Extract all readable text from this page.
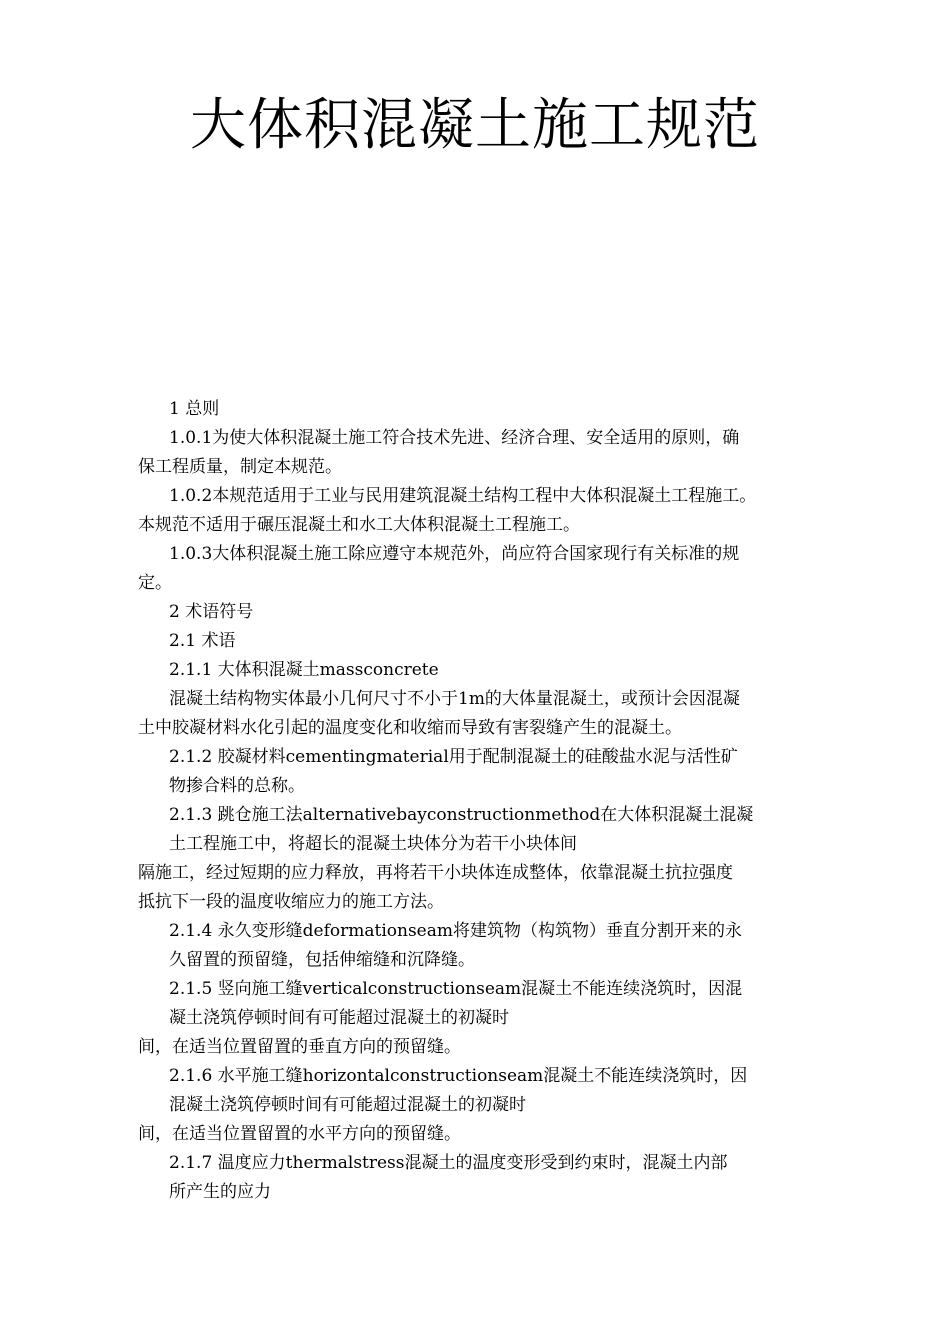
大体积混凝土施工规范
1 总则
1.0.1为使大体积混凝土施工符合技术先进、经济合理、安全适用的原则，确
保工程质量，制定本规范。
1.0.2本规范适用于工业与民用建筑混凝土结构工程中大体积混凝土工程施工。
本规范不适用于碾压混凝土和水工大体积混凝土工程施工。
1.0.3大体积混凝土施工除应遵守本规范外，尚应符合国家现行有关标准的规
定。
2 术语符号
2.1 术语
2.1.1 大体积混凝土massconcrete
混凝土结构物实体最小几何尺寸不小于1m的大体量混凝土，或预计会因混凝
土中胶凝材料水化引起的温度变化和收缩而导致有害裂缝产生的混凝土。
2.1.2 胶凝材料cementingmaterial用于配制混凝土的硅酸盐水泥与活性矿
物掺合料的总称。
2.1.3 跳仓施工法alternativebayconstructionmethod在大体积混凝土混凝
土工程施工中，将超长的混凝土块体分为若干小块体间
隔施工，经过短期的应力释放，再将若干小块体连成整体，依靠混凝土抗拉强度
抵抗下一段的温度收缩应力的施工方法。
2.1.4 永久变形缝deformationseam将建筑物（构筑物）垂直分割开来的永
久留置的预留缝，包括伸缩缝和沉降缝。
2.1.5 竖向施工缝verticalconstructionseam混凝土不能连续浇筑时，因混
凝土浇筑停顿时间有可能超过混凝土的初凝时
间，在适当位置留置的垂直方向的预留缝。
2.1.6 水平施工缝horizontalconstructionseam混凝土不能连续浇筑时，因
混凝土浇筑停顿时间有可能超过混凝土的初凝时
间，在适当位置留置的水平方向的预留缝。
2.1.7 温度应力thermalstress混凝土的温度变形受到约束时，混凝土内部
所产生的应力
